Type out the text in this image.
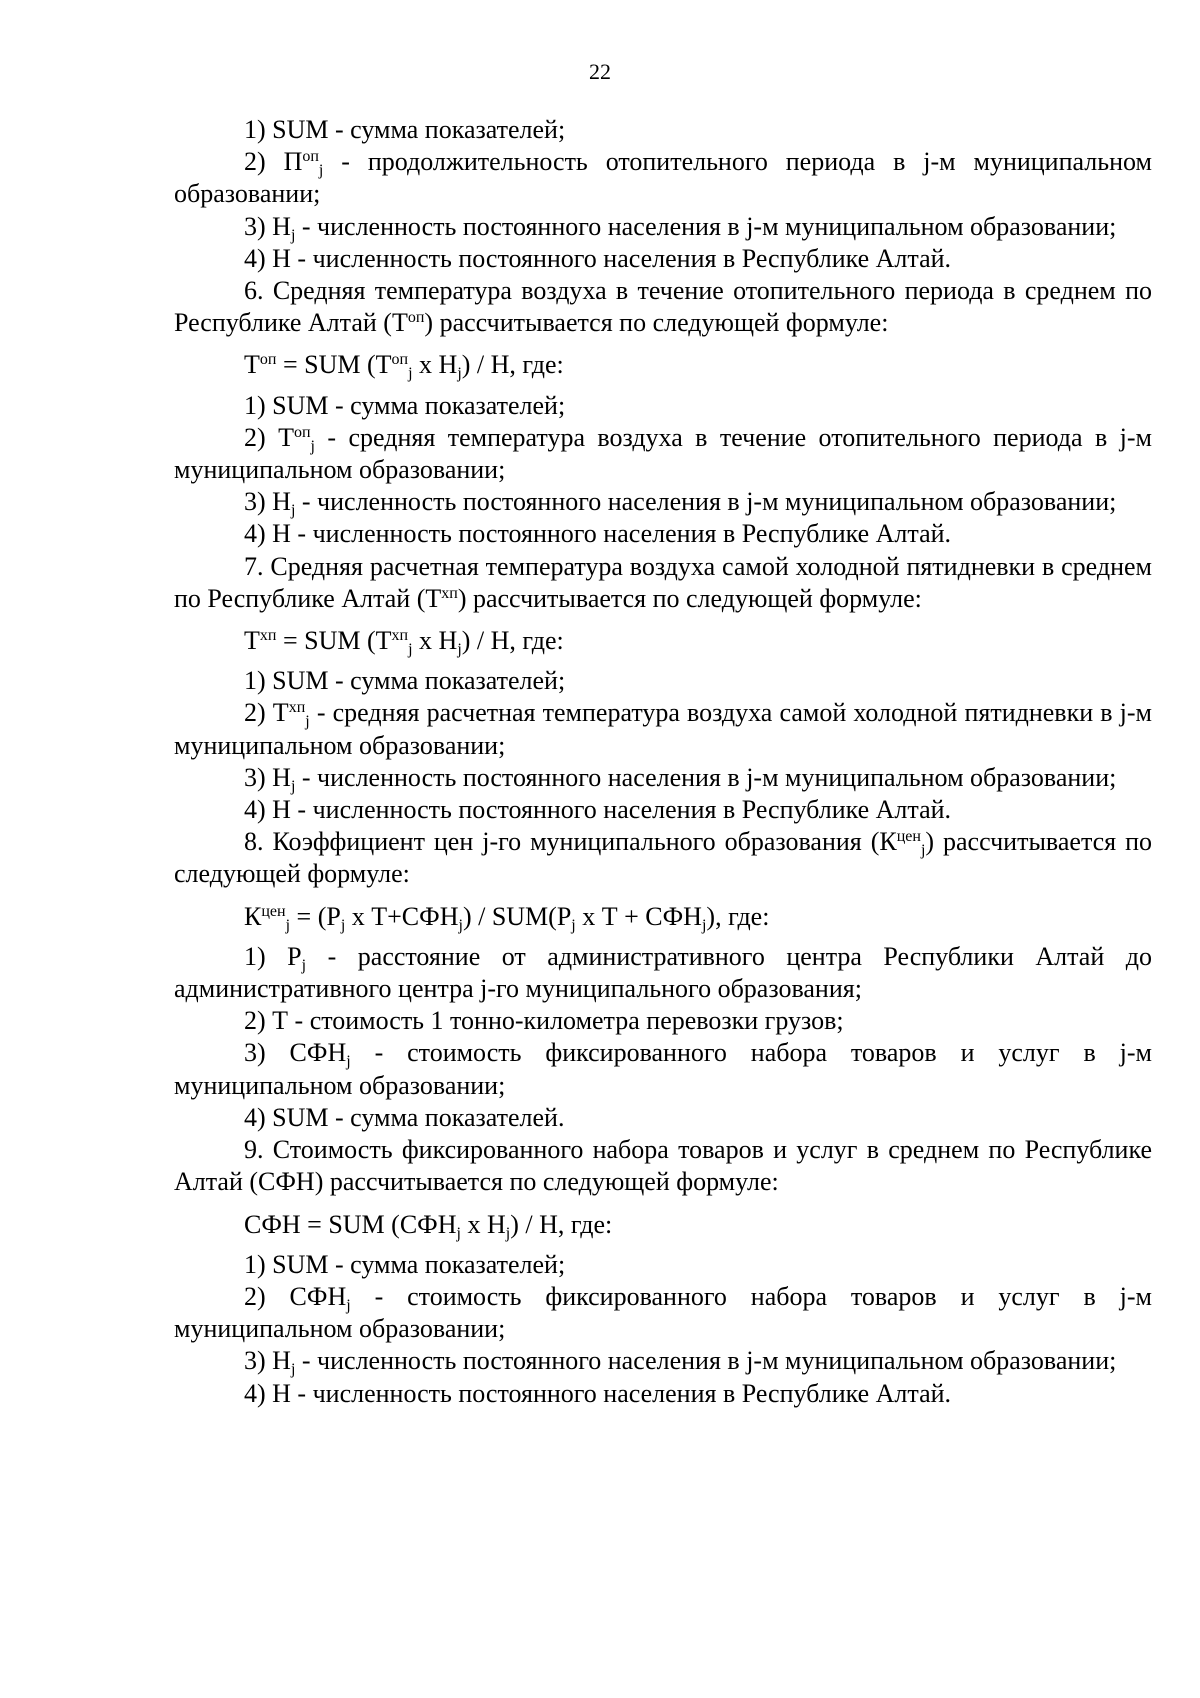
22

1) SUM - сумма показателей;

2) $П^{оп}_j$ - продолжительность отопительного периода в j-м муниципальном образовании;

3) $Н_j$ - численность постоянного населения в j-м муниципальном образовании;

4) Н - численность постоянного населения в Республике Алтай.

6. Средняя температура воздуха в течение отопительного периода в среднем по Республике Алтай $(Т^{оп})$ рассчитывается по следующей формуле:

$Т^{оп}$ = SUM ($Т^{оп}_j$ х $Н_j$) / Н, где:

1) SUM - сумма показателей;

2) $Т^{оп}_j$ - средняя температура воздуха в течение отопительного периода в j-м муниципальном образовании;

3) $Н_j$ - численность постоянного населения в j-м муниципальном образовании;

4) Н - численность постоянного населения в Республике Алтай.

7. Средняя расчетная температура воздуха самой холодной пятидневки в среднем по Республике Алтай $(Т^{хп})$ рассчитывается по следующей формуле:

$Т^{хп}$ = SUM ($Т^{хп}_j$ х $Н_j$) / Н, где:

1) SUM - сумма показателей;

2) $Т^{хп}_j$ - средняя расчетная температура воздуха самой холодной пятидневки в j-м муниципальном образовании;

3) $Н_j$ - численность постоянного населения в j-м муниципальном образовании;

4) Н - численность постоянного населения в Республике Алтай.

8. Коэффициент цен j-го муниципального образования $(К^{цен}_j)$ рассчитывается по следующей формуле:

$К^{цен}_j = (Р_j$ х $Т+СФН_j) / SUM(Р_j$ х $Т + СФН_j$), где:

1) $Р_j$ - расстояние от административного центра Республики Алтай до административного центра j-го муниципального образования;

2) Т - стоимость 1 тонно-километра перевозки грузов;

3) $СФН_j$ - стоимость фиксированного набора товаров и услуг в j-м муниципальном образовании;

4) SUM - сумма показателей.

9. Стоимость фиксированного набора товаров и услуг в среднем по Республике Алтай (СФН) рассчитывается по следующей формуле:

СФН = SUM ($СФН_j$ х $Н_j$) / Н, где:

1) SUM - сумма показателей;

2) $СФН_j$ - стоимость фиксированного набора товаров и услуг в j-м муниципальном образовании;

3) $Н_j$ - численность постоянного населения в j-м муниципальном образовании;

4) Н - численность постоянного населения в Республике Алтай.
